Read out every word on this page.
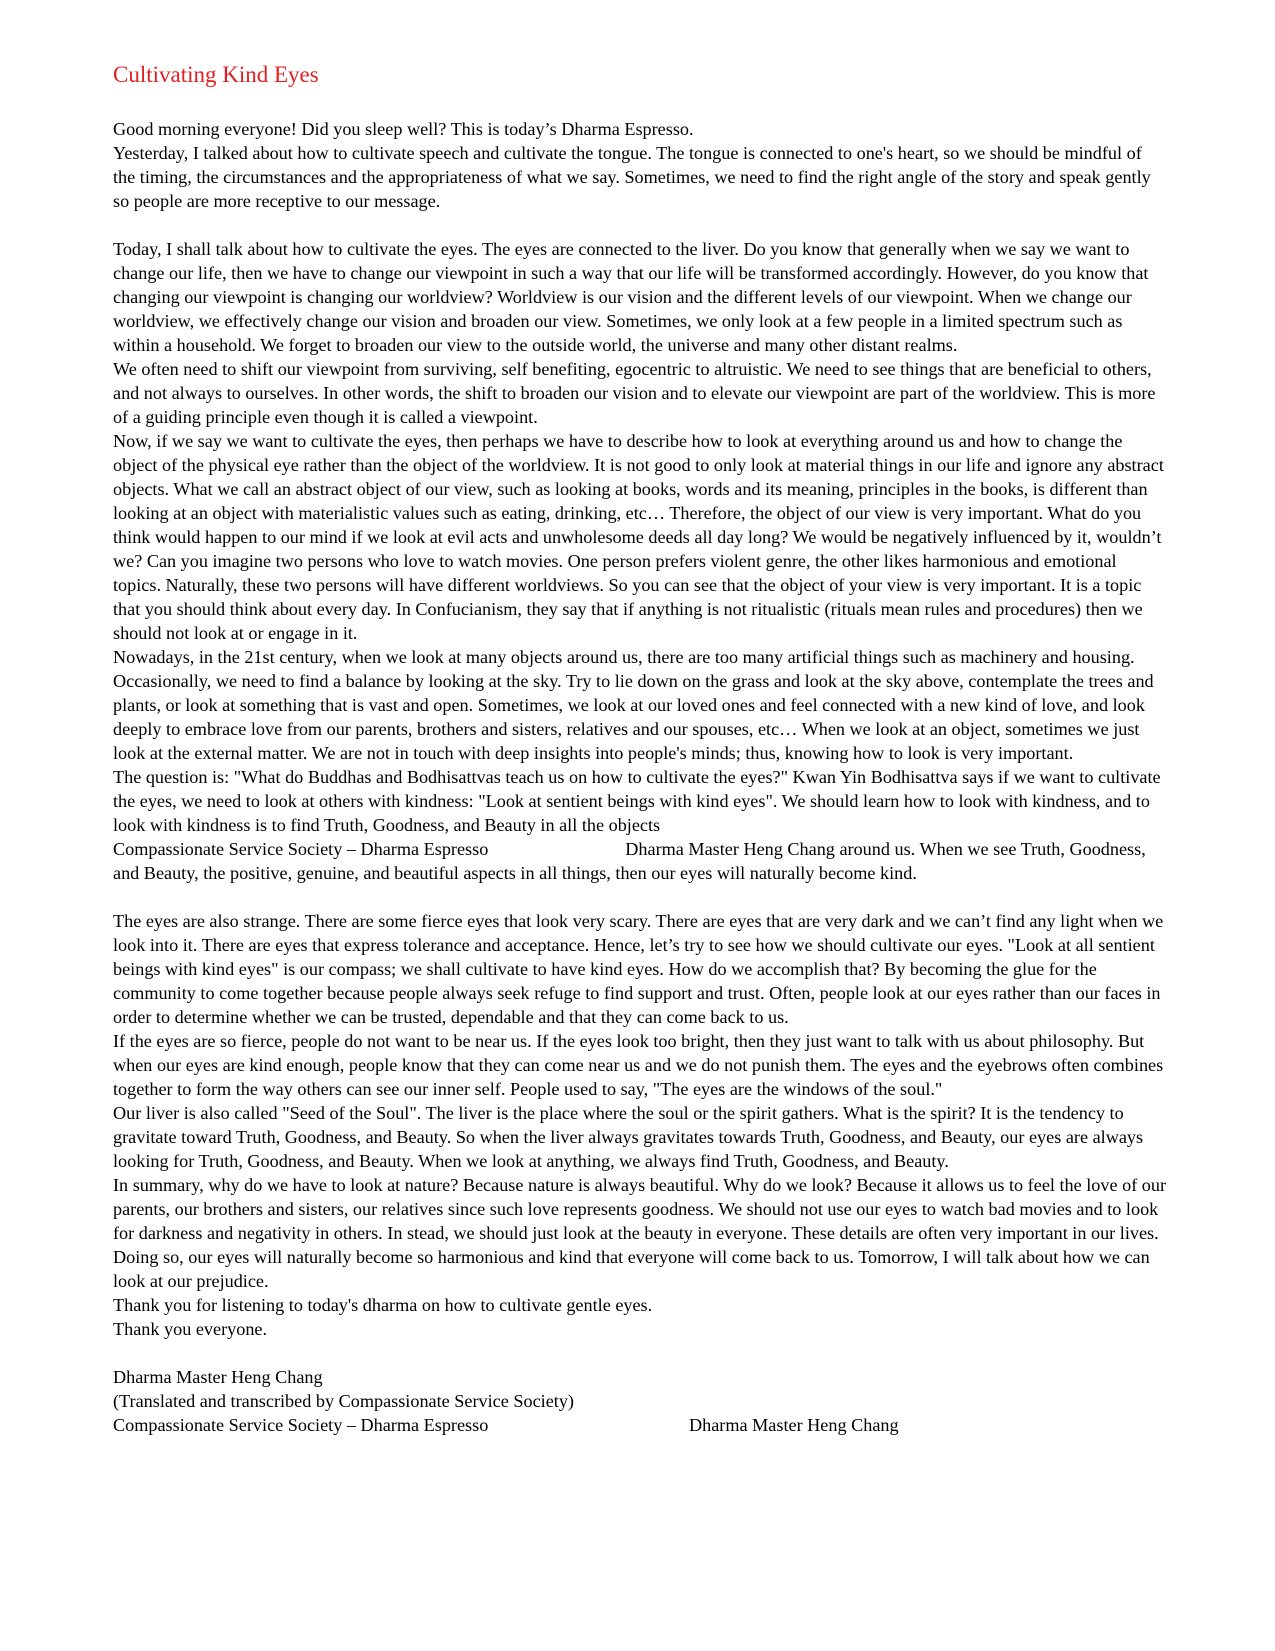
Cultivating Kind Eyes

Good morning everyone! Did you sleep well? This is today’s Dharma Espresso.

Yesterday, I talked about how to cultivate speech and cultivate the tongue. The tongue is connected to one's heart, so we should be mindful of the timing, the circumstances and the appropriateness of what we say. Sometimes, we need to find the right angle of the story and speak gently so people are more receptive to our message.

Today, I shall talk about how to cultivate the eyes. The eyes are connected to the liver. Do you know that generally when we say we want to change our life, then we have to change our viewpoint in such a way that our life will be transformed accordingly. However, do you know that changing our viewpoint is changing our worldview? Worldview is our vision and the different levels of our viewpoint. When we change our worldview, we effectively change our vision and broaden our view. Sometimes, we only look at a few people in a limited spectrum such as within a household. We forget to broaden our view to the outside world, the universe and many other distant realms.

We often need to shift our viewpoint from surviving, self benefiting, egocentric to altruistic. We need to see things that are beneficial to others, and not always to ourselves. In other words, the shift to broaden our vision and to elevate our viewpoint are part of the worldview. This is more of a guiding principle even though it is called a viewpoint.

Now, if we say we want to cultivate the eyes, then perhaps we have to describe how to look at everything around us and how to change the object of the physical eye rather than the object of the worldview. It is not good to only look at material things in our life and ignore any abstract objects. What we call an abstract object of our view, such as looking at books, words and its meaning, principles in the books, is different than looking at an object with materialistic values such as eating, drinking, etc… Therefore, the object of our view is very important. What do you think would happen to our mind if we look at evil acts and unwholesome deeds all day long? We would be negatively influenced by it, wouldn’t we? Can you imagine two persons who love to watch movies. One person prefers violent genre, the other likes harmonious and emotional topics. Naturally, these two persons will have different worldviews. So you can see that the object of your view is very important. It is a topic that you should think about every day. In Confucianism, they say that if anything is not ritualistic (rituals mean rules and procedures) then we should not look at or engage in it.

Nowadays, in the 21st century, when we look at many objects around us, there are too many artificial things such as machinery and housing. Occasionally, we need to find a balance by looking at the sky. Try to lie down on the grass and look at the sky above, contemplate the trees and plants, or look at something that is vast and open. Sometimes, we look at our loved ones and feel connected with a new kind of love, and look deeply to embrace love from our parents, brothers and sisters, relatives and our spouses, etc… When we look at an object, sometimes we just look at the external matter. We are not in touch with deep insights into people's minds; thus, knowing how to look is very important.

The question is: "What do Buddhas and Bodhisattvas teach us on how to cultivate the eyes?" Kwan Yin Bodhisattva says if we want to cultivate the eyes, we need to look at others with kindness: "Look at sentient beings with kind eyes". We should learn how to look with kindness, and to look with kindness is to find Truth, Goodness, and Beauty in all the objects
Compassionate Service Society – Dharma Espresso	Dharma Master Heng Chang around us. When we see Truth, Goodness, and Beauty, the positive, genuine, and beautiful aspects in all things, then our eyes will naturally become kind.

The eyes are also strange. There are some fierce eyes that look very scary. There are eyes that are very dark and we can’t find any light when we look into it. There are eyes that express tolerance and acceptance. Hence, let’s try to see how we should cultivate our eyes. "Look at all sentient beings with kind eyes" is our compass; we shall cultivate to have kind eyes. How do we accomplish that? By becoming the glue for the community to come together because people always seek refuge to find support and trust. Often, people look at our eyes rather than our faces in order to determine whether we can be trusted, dependable and that they can come back to us.

If the eyes are so fierce, people do not want to be near us. If the eyes look too bright, then they just want to talk with us about philosophy. But when our eyes are kind enough, people know that they can come near us and we do not punish them. The eyes and the eyebrows often combines together to form the way others can see our inner self. People used to say, "The eyes are the windows of the soul."

Our liver is also called "Seed of the Soul". The liver is the place where the soul or the spirit gathers. What is the spirit? It is the tendency to gravitate toward Truth, Goodness, and Beauty. So when the liver always gravitates towards Truth, Goodness, and Beauty, our eyes are always looking for Truth, Goodness, and Beauty. When we look at anything, we always find Truth, Goodness, and Beauty.

In summary, why do we have to look at nature? Because nature is always beautiful. Why do we look? Because it allows us to feel the love of our parents, our brothers and sisters, our relatives since such love represents goodness. We should not use our eyes to watch bad movies and to look for darkness and negativity in others. In stead, we should just look at the beauty in everyone. These details are often very important in our lives. Doing so, our eyes will naturally become so harmonious and kind that everyone will come back to us. Tomorrow, I will talk about how we can look at our prejudice.

Thank you for listening to today's dharma on how to cultivate gentle eyes.

Thank you everyone.

Dharma Master Heng Chang

(Translated and transcribed by Compassionate Service Society)

Compassionate Service Society – Dharma Espresso	Dharma Master Heng Chang
